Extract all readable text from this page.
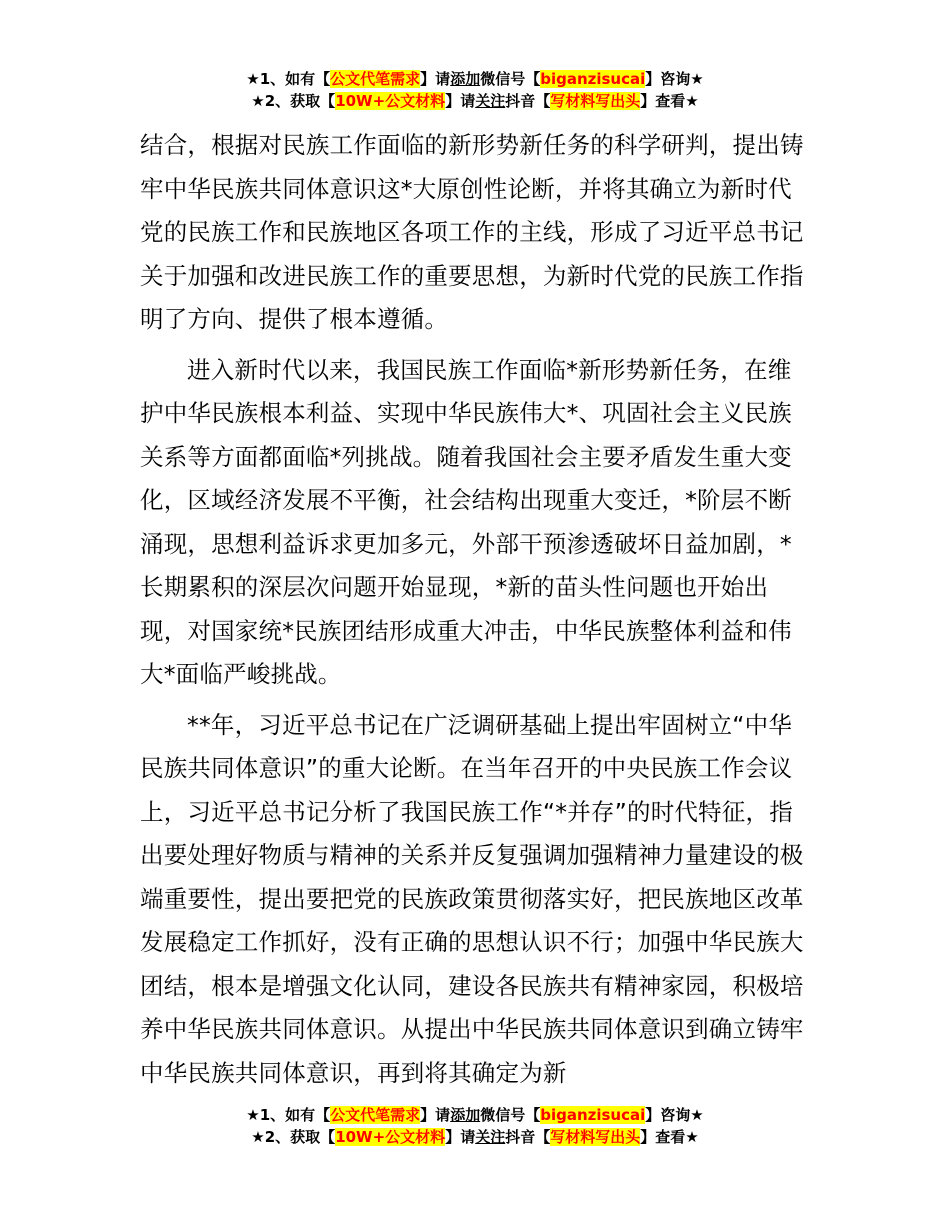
★1、如有【公文代笔需求】请添加微信号【biganzisucai】咨询★
★2、获取【10W+公文材料】请关注抖音【写材料写出头】查看★

结合，根据对民族工作面临的新形势新任务的科学研判，提出铸牢中华民族共同体意识这*大原创性论断，并将其确立为新时代党的民族工作和民族地区各项工作的主线，形成了习近平总书记关于加强和改进民族工作的重要思想，为新时代党的民族工作指明了方向、提供了根本遵循。

进入新时代以来，我国民族工作面临*新形势新任务，在维护中华民族根本利益、实现中华民族伟大*、巩固社会主义民族关系等方面都面临*列挑战。随着我国社会主要矛盾发生重大变化，区域经济发展不平衡，社会结构出现重大变迁，*阶层不断涌现，思想利益诉求更加多元，外部干预渗透破坏日益加剧，*长期累积的深层次问题开始显现，*新的苗头性问题也开始出现，对国家统*民族团结形成重大冲击，中华民族整体利益和伟大*面临严峻挑战。

**年，习近平总书记在广泛调研基础上提出牢固树立“中华民族共同体意识”的重大论断。在当年召开的中央民族工作会议上，习近平总书记分析了我国民族工作“*并存”的时代特征，指出要处理好物质与精神的关系并反复强调加强精神力量建设的极端重要性，提出要把党的民族政策贯彻落实好，把民族地区改革发展稳定工作抓好，没有正确的思想认识不行；加强中华民族大团结，根本是增强文化认同，建设各民族共有精神家园，积极培养中华民族共同体意识。从提出中华民族共同体意识到确立铸牢中华民族共同体意识，再到将其确定为新

★1、如有【公文代笔需求】请添加微信号【biganzisucai】咨询★
★2、获取【10W+公文材料】请关注抖音【写材料写出头】查看★
